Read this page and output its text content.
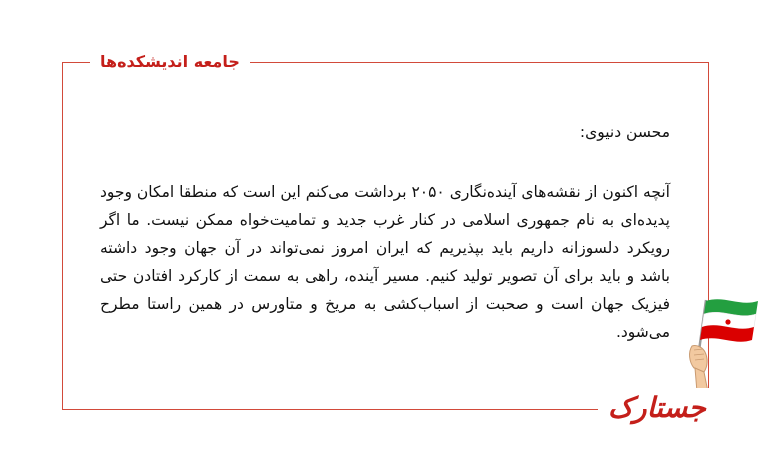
جامعه اندیشکده‌ها

محسن دنیوی:

آنچه اکنون از نقشه‌های آینده‌نگاری ۲۰۵۰ برداشت می‌کنم این است که منطقا امکان وجود پدیده‌ای به نام جمهوری اسلامی در کنار غرب جدید و تمامیت‌خواه ممکن نیست. ما اگر رویکرد دلسوزانه داریم باید بپذیریم که ایران امروز نمی‌تواند در آن جهان وجود داشته باشد و باید برای آن تصویر تولید کنیم. مسیر آینده، راهی به سمت از کارکرد افتادن حتی فیزیک جهان است و صحبت از اسباب‌کشی به مریخ و متاورس در همین راستا مطرح می‌شود.

جستارک
